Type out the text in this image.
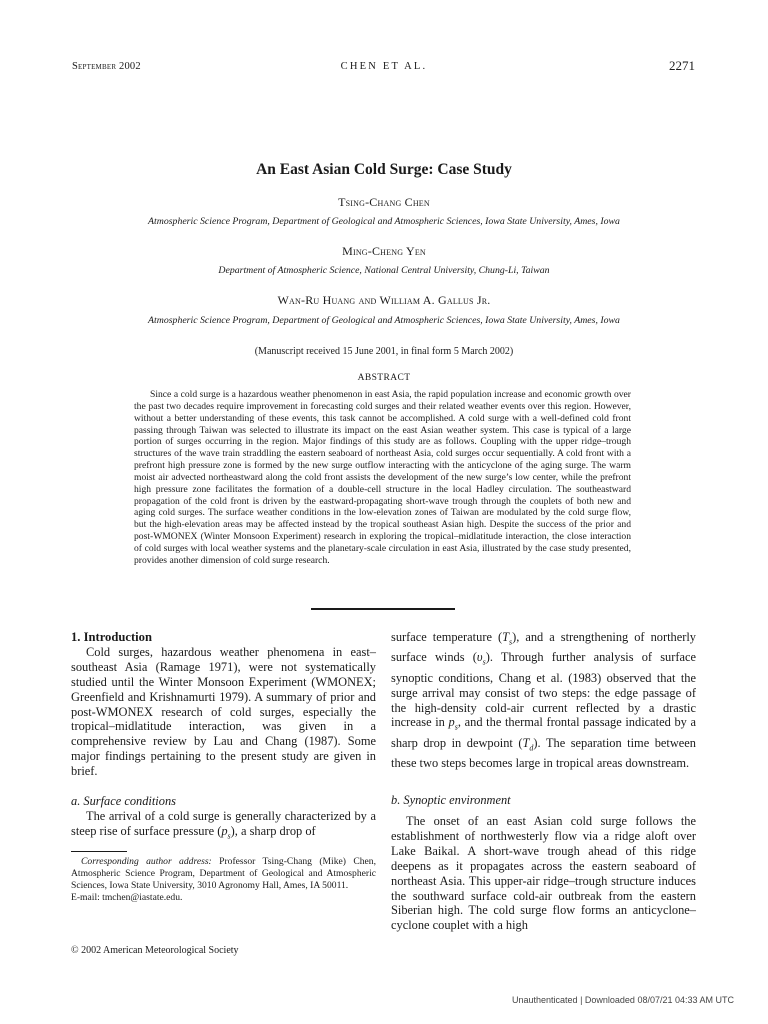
September 2002	CHEN ET AL.	2271
An East Asian Cold Surge: Case Study
Tsing-Chang Chen
Atmospheric Science Program, Department of Geological and Atmospheric Sciences, Iowa State University, Ames, Iowa
Ming-Cheng Yen
Department of Atmospheric Science, National Central University, Chung-Li, Taiwan
Wan-Ru Huang and William A. Gallus Jr.
Atmospheric Science Program, Department of Geological and Atmospheric Sciences, Iowa State University, Ames, Iowa
(Manuscript received 15 June 2001, in final form 5 March 2002)
ABSTRACT
Since a cold surge is a hazardous weather phenomenon in east Asia, the rapid population increase and economic growth over the past two decades require improvement in forecasting cold surges and their related weather events over this region. However, without a better understanding of these events, this task cannot be accomplished. A cold surge with a well-defined cold front passing through Taiwan was selected to illustrate its impact on the east Asian weather system. This case is typical of a large portion of surges occurring in the region. Major findings of this study are as follows. Coupling with the upper ridge–trough structures of the wave train straddling the eastern seaboard of northeast Asia, cold surges occur sequentially. A cold front with a prefront high pressure zone is formed by the new surge outflow interacting with the anticyclone of the aging surge. The warm moist air advected northeastward along the cold front assists the development of the new surge’s low center, while the prefront high pressure zone facilitates the formation of a double-cell structure in the local Hadley circulation. The southeastward propagation of the cold front is driven by the eastward-propagating short-wave trough through the couplets of both new and aging cold surges. The surface weather conditions in the low-elevation zones of Taiwan are modulated by the cold surge flow, but the high-elevation areas may be affected instead by the tropical southeast Asian high. Despite the success of the prior and post-WMONEX (Winter Monsoon Experiment) research in exploring the tropical–midlatitude interaction, the close interaction of cold surges with local weather systems and the planetary-scale circulation in east Asia, illustrated by the case study presented, provides another dimension of cold surge research.
1. Introduction

Cold surges, hazardous weather phenomena in east–southeast Asia (Ramage 1971), were not systematically studied until the Winter Monsoon Experiment (WMONEX; Greenfield and Krishnamurti 1979). A summary of prior and post-WMONEX research of cold surges, especially the tropical–midlatitude interaction, was given in a comprehensive review by Lau and Chang (1987). Some major findings pertaining to the present study are given in brief.

a. Surface conditions

The arrival of a cold surge is generally characterized by a steep rise of surface pressure $(p_s)$, a sharp drop of

Corresponding author address: Professor Tsing-Chang (Mike) Chen, Atmospheric Science Program, Department of Geological and Atmospheric Sciences, Iowa State University, 3010 Agronomy Hall, Ames, IA 50011.

E-mail: tmchen@iastate.edu.

© 2002 American Meteorological Society

surface temperature $(T_s)$, and a strengthening of northerly surface winds $(\upsilon_s)$. Through further analysis of surface synoptic conditions, Chang et al. (1983) observed that the surge arrival may consist of two steps: the edge passage of the high-density cold-air current reflected by a drastic increase in $p_s$, and the thermal frontal passage indicated by a sharp drop in dewpoint $(T_d)$. The separation time between these two steps becomes large in tropical areas downstream.

b. Synoptic environment

The onset of an east Asian cold surge follows the establishment of northwesterly flow via a ridge aloft over Lake Baikal. A short-wave trough ahead of this ridge deepens as it propagates across the eastern seaboard of northeast Asia. This upper-air ridge–trough structure induces the southward surface cold-air outbreak from the eastern Siberian high. The cold surge flow forms an anticyclone–cyclone couplet with a high

Unauthenticated | Downloaded 08/07/21 04:33 AM UTC
